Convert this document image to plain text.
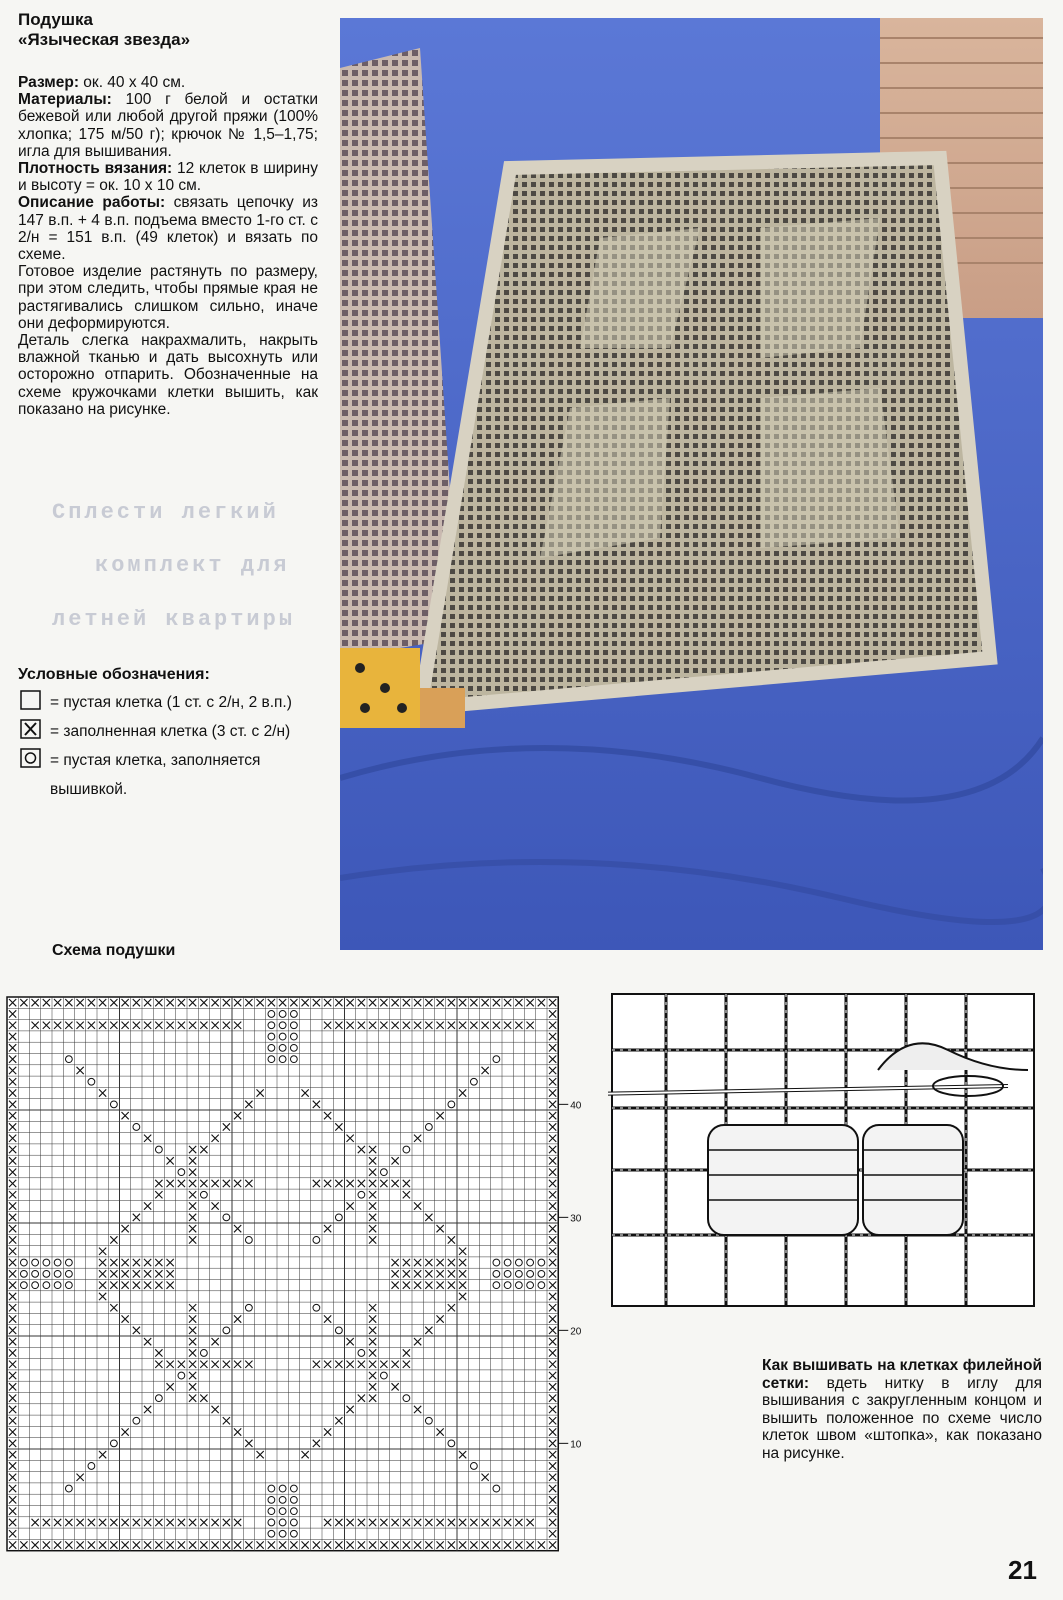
Подушка
«Языческая звезда»

Размер: ок. 40 х 40 см.

Материалы: 100 г белой и остатки бежевой или любой другой пряжи (100% хлопка; 175 м/50 г); крючок № 1,5–1,75; игла для вышивания.

Плотность вязания: 12 клеток в ширину и высоту = ок. 10 х 10 см.

Описание работы: связать цепочку из 147 в.п. + 4 в.п. подъема вместо 1-го ст. с 2/н = 151 в.п. (49 клеток) и вязать по схеме.

Готовое изделие растянуть по размеру, при этом следить, чтобы прямые края не растягивались слишком сильно, иначе они деформируются.

Деталь слегка накрахмалить, накрыть влажной тканью и дать высохнуть или осторожно отпарить. Обозначенные на схеме кружочками клетки вышить, как показано на рисунке.

Условные обозначения:
= пустая клетка (1 ст. с 2/н, 2 в.п.)
= заполненная клетка (3 ст. с 2/н)
= пустая клетка, заполняется вышивкой.
Сплести легкий
комплект для
летней квартиры
Схема подушки
40
30
20
10
Как вышивать на клетках филейной сетки: вдеть нитку в иглу для вышивания с закругленным концом и вышить положенное по схеме число клеток швом «штопка», как показано на рисунке.
21
